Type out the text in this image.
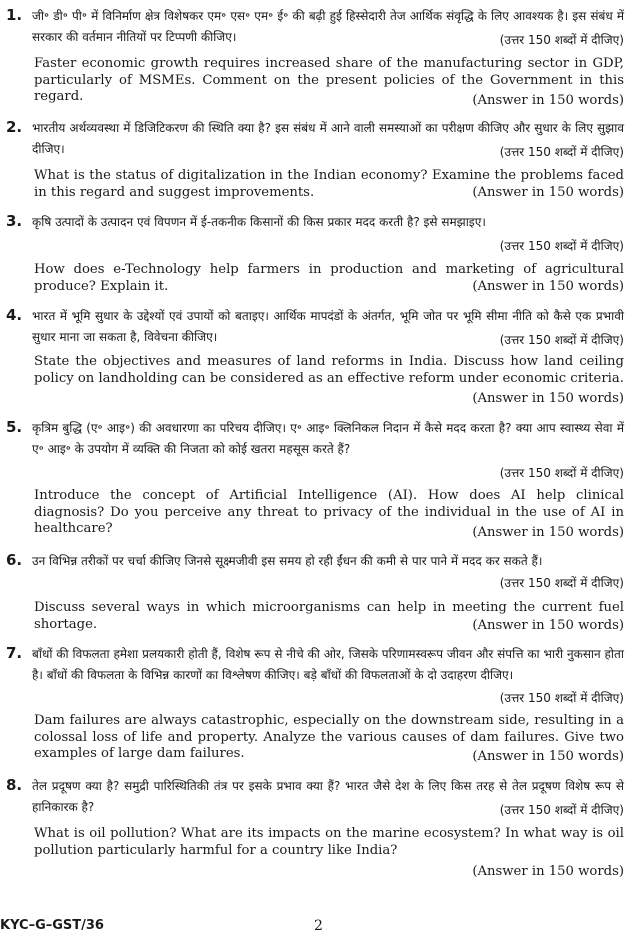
1. जी॰ डी॰ पी॰ में विनिर्माण क्षेत्र विशेषकर एम॰ एस॰ एम॰ ई॰ की बढ़ी हुई हिस्सेदारी तेज आर्थिक संवृद्धि के लिए आवश्यक है। इस संबंध में सरकार की वर्तमान नीतियों पर टिप्पणी कीजिए।	(उत्तर 150 शब्दों में दीजिए)
Faster economic growth requires increased share of the manufacturing sector in GDP, particularly of MSMEs. Comment on the present policies of the Government in this regard.	(Answer in 150 words)
2. भारतीय अर्थव्यवस्था में डिजिटिकरण की स्थिति क्या है? इस संबंध में आने वाली समस्याओं का परीक्षण कीजिए और सुधार के लिए सुझाव दीजिए।	(उत्तर 150 शब्दों में दीजिए)
What is the status of digitalization in the Indian economy? Examine the problems faced in this regard and suggest improvements.	(Answer in 150 words)
3. कृषि उत्पादों के उत्पादन एवं विपणन में ई-तकनीक किसानों की किस प्रकार मदद करती है? इसे समझाइए।
(उत्तर 150 शब्दों में दीजिए)
How does e-Technology help farmers in production and marketing of agricultural produce? Explain it.	(Answer in 150 words)
4. भारत में भूमि सुधार के उद्देश्यों एवं उपायों को बताइए। आर्थिक मापदंडों के अंतर्गत, भूमि जोत पर भूमि सीमा नीति को कैसे एक प्रभावी सुधार माना जा सकता है, विवेचना कीजिए।	(उत्तर 150 शब्दों में दीजिए)
State the objectives and measures of land reforms in India. Discuss how land ceiling policy on landholding can be considered as an effective reform under economic criteria.
(Answer in 150 words)
5. कृत्रिम बुद्धि (ए॰ आइ॰) की अवधारणा का परिचय दीजिए। ए॰ आइ॰ क्लिनिकल निदान में कैसे मदद करता है? क्या आप स्वास्थ्य सेवा में ए॰ आइ॰ के उपयोग में व्यक्ति की निजता को कोई खतरा महसूस करते हैं?
(उत्तर 150 शब्दों में दीजिए)
Introduce the concept of Artificial Intelligence (AI). How does AI help clinical diagnosis? Do you perceive any threat to privacy of the individual in the use of AI in healthcare?	(Answer in 150 words)
6. उन विभिन्न तरीकों पर चर्चा कीजिए जिनसे सूक्ष्मजीवी इस समय हो रही ईंधन की कमी से पार पाने में मदद कर सकते हैं।
(उत्तर 150 शब्दों में दीजिए)
Discuss several ways in which microorganisms can help in meeting the current fuel shortage.	(Answer in 150 words)
7. बाँधों की विफलता हमेशा प्रलयकारी होती हैं, विशेष रूप से नीचे की ओर, जिसके परिणामस्वरूप जीवन और संपत्ति का भारी नुकसान होता है। बाँधों की विफलता के विभिन्न कारणों का विश्लेषण कीजिए। बड़े बाँधों की विफलताओं के दो उदाहरण दीजिए।
(उत्तर 150 शब्दों में दीजिए)
Dam failures are always catastrophic, especially on the downstream side, resulting in a colossal loss of life and property. Analyze the various causes of dam failures. Give two examples of large dam failures.	(Answer in 150 words)
8. तेल प्रदूषण क्या है? समुद्री पारिस्थितिकी तंत्र पर इसके प्रभाव क्या हैं? भारत जैसे देश के लिए किस तरह से तेल प्रदूषण विशेष रूप से हानिकारक है?	(उत्तर 150 शब्दों में दीजिए)
What is oil pollution? What are its impacts on the marine ecosystem? In what way is oil pollution particularly harmful for a country like India?
(Answer in 150 words)
KYC–G–GST/36	2
